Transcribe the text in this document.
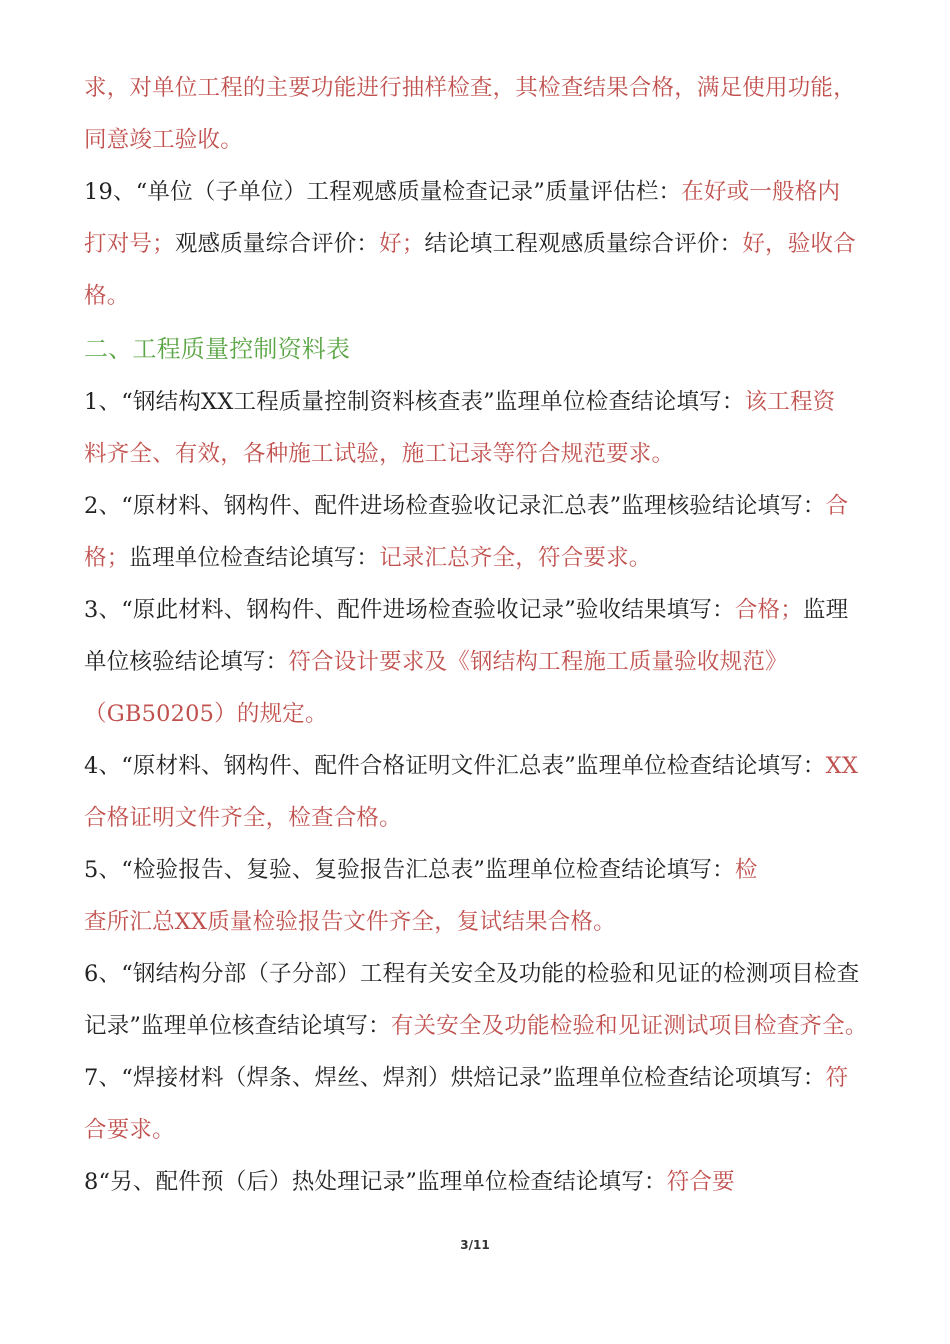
求，对单位工程的主要功能进行抽样检查，其检查结果合格，满足使用功能，
同意竣工验收。
19、“单位（子单位）工程观感质量检查记录”质量评估栏：在好或一般格内
打对号；观感质量综合评价：好；结论填工程观感质量综合评价：好，验收合
格。
二、工程质量控制资料表
1、“钢结构XX工程质量控制资料核查表”监理单位检查结论填写：该工程资
料齐全、有效，各种施工试验，施工记录等符合规范要求。
2、“原材料、钢构件、配件进场检查验收记录汇总表”监理核验结论填写：合
格；监理单位检查结论填写：记录汇总齐全，符合要求。
3、“原此材料、钢构件、配件进场检查验收记录”验收结果填写：合格；监理
单位核验结论填写：符合设计要求及《钢结构工程施工质量验收规范》
（GB50205）的规定。
4、“原材料、钢构件、配件合格证明文件汇总表”监理单位检查结论填写：XX
合格证明文件齐全，检查合格。
5、“检验报告、复验、复验报告汇总表”监理单位检查结论填写：检
查所汇总XX质量检验报告文件齐全，复试结果合格。
6、“钢结构分部（子分部）工程有关安全及功能的检验和见证的检测项目检查
记录”监理单位核查结论填写：有关安全及功能检验和见证测试项目检查齐全。
7、“焊接材料（焊条、焊丝、焊剂）烘焙记录”监理单位检查结论项填写：符
合要求。
8“另、配件预（后）热处理记录”监理单位检查结论填写：符合要
3/11
